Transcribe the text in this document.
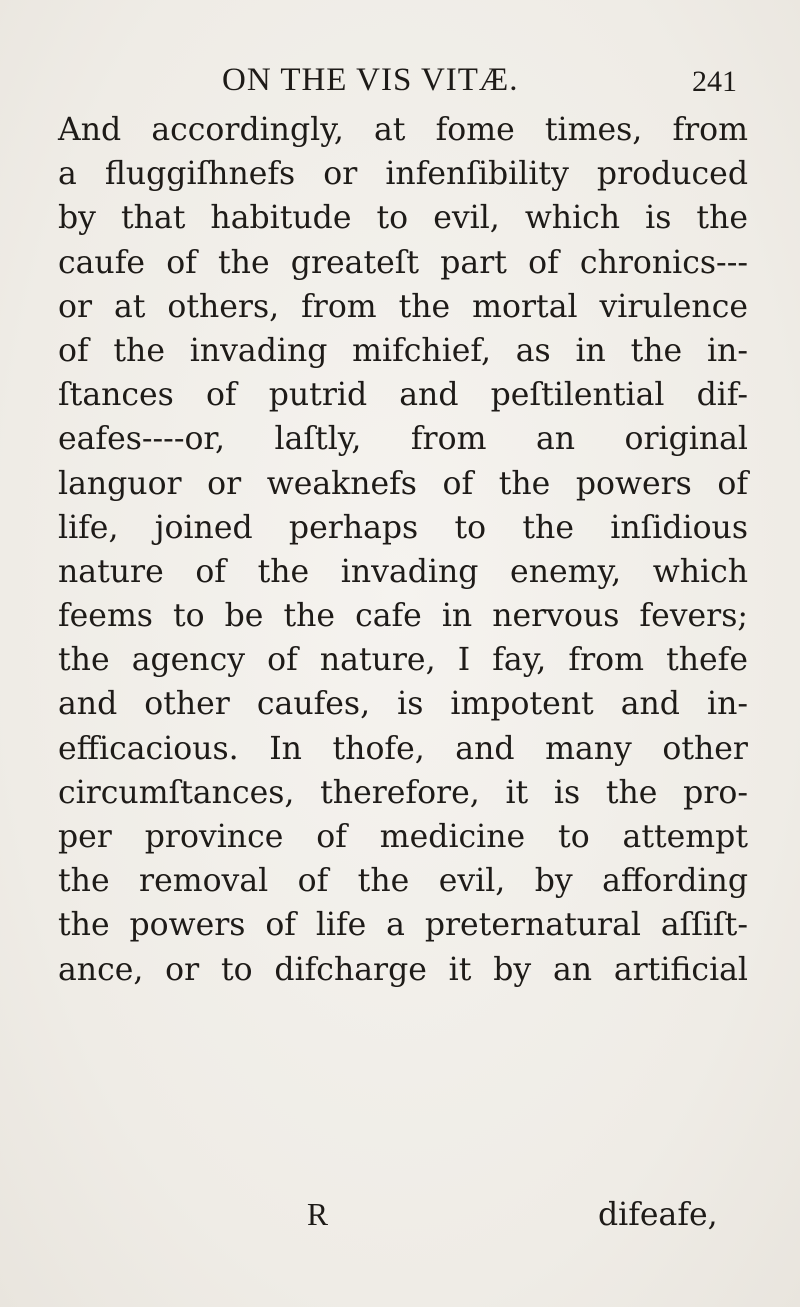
ON THE VIS VITÆ.	241
And accordingly, at fome times, from
a fluggiſhnefs or infenſibility produced
by that habitude to evil, which is the
caufe of the greateſt part of chronics---
or at others, from the mortal virulence
of the invading mifchief, as in the in-
ſtances of putrid and peſtilential dif-
eafes----or, laſtly, from an original
languor or weaknefs of the powers of
life, joined perhaps to the inſidious
nature of the invading enemy, which
feems to be the cafe in nervous fevers;
the agency of nature, I fay, from thefe
and other caufes, is impotent and in-
efficacious. In thofe, and many other
circumſtances, therefore, it is the pro-
per province of medicine to attempt
the removal of the evil, by affording
the powers of life a preternatural aſſiſt-
ance, or to difcharge it by an artificial
R	difeafe,
